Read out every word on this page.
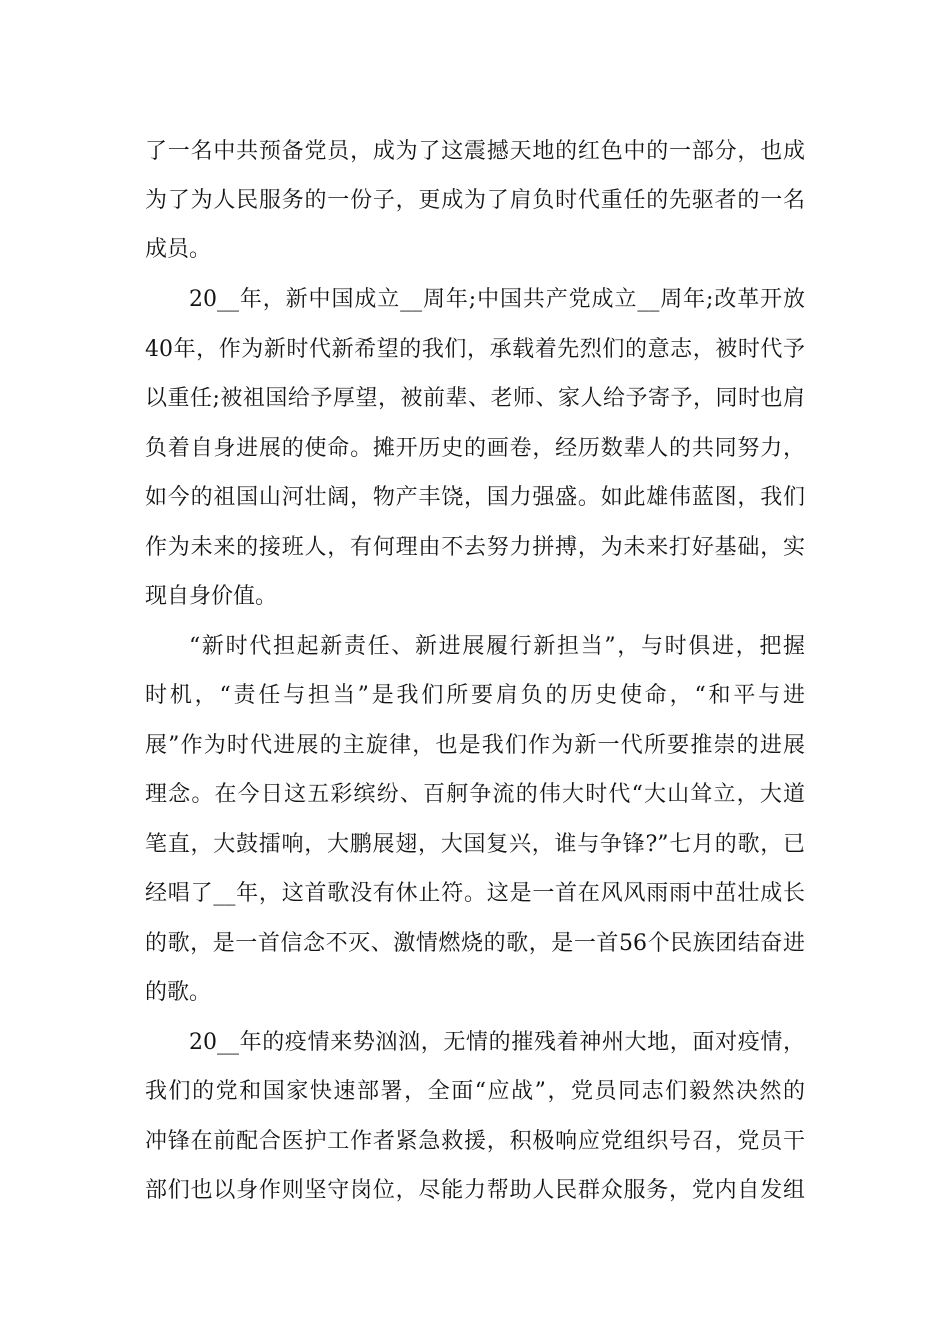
了一名中共预备党员，成为了这震撼天地的红色中的一部分，也成
为了为人民服务的一份子，更成为了肩负时代重任的先驱者的一名
成员。
20__年，新中国成立__周年;中国共产党成立__周年;改革开放
40年，作为新时代新希望的我们，承载着先烈们的意志，被时代予
以重任;被祖国给予厚望，被前辈、老师、家人给予寄予，同时也肩
负着自身进展的使命。摊开历史的画卷，经历数辈人的共同努力，
如今的祖国山河壮阔，物产丰饶，国力强盛。如此雄伟蓝图，我们
作为未来的接班人，有何理由不去努力拼搏，为未来打好基础，实
现自身价值。
“新时代担起新责任、新进展履行新担当”，与时俱进，把握
时机，“责任与担当”是我们所要肩负的历史使命，“和平与进
展”作为时代进展的主旋律，也是我们作为新一代所要推崇的进展
理念。在今日这五彩缤纷、百舸争流的伟大时代“大山耸立，大道
笔直，大鼓擂响，大鹏展翅，大国复兴，谁与争锋?”七月的歌，已
经唱了__年，这首歌没有休止符。这是一首在风风雨雨中茁壮成长
的歌，是一首信念不灭、激情燃烧的歌，是一首56个民族团结奋进
的歌。
20__年的疫情来势汹汹，无情的摧残着神州大地，面对疫情，
我们的党和国家快速部署，全面“应战”，党员同志们毅然决然的
冲锋在前配合医护工作者紧急救援，积极响应党组织号召，党员干
部们也以身作则坚守岗位，尽能力帮助人民群众服务，党内自发组
